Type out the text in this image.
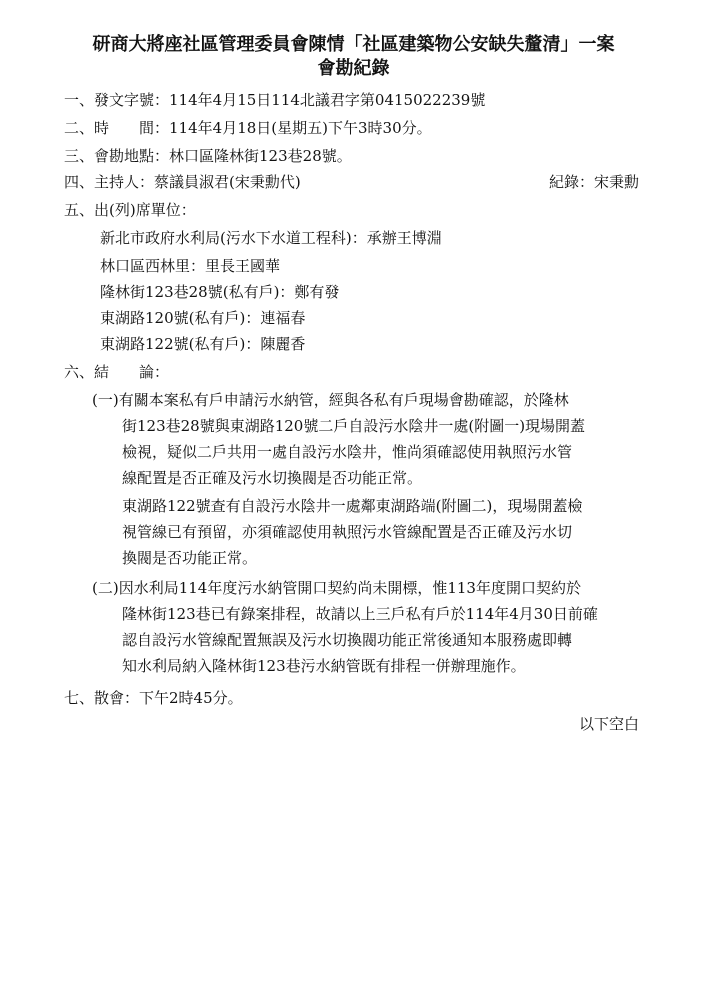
研商大將座社區管理委員會陳情「社區建築物公安缺失釐清」一案
會勘紀錄
一、發文字號：114年4月15日114北議君字第0415022239號
二、時　　間：114年4月18日(星期五)下午3時30分。
三、會勘地點：林口區隆林街123巷28號。
四、主持人：蔡議員淑君(宋秉勳代)	紀錄：宋秉勳
五、出(列)席單位：
新北市政府水利局(污水下水道工程科)：承辦王博淵
林口區西林里：里長王國華
隆林街123巷28號(私有戶)：鄭有發
東湖路120號(私有戶)：連福春
東湖路122號(私有戶)：陳麗香
六、結　　論：
(一)有關本案私有戶申請污水納管，經與各私有戶現場會勘確認，於隆林
街123巷28號與東湖路120號二戶自設污水陰井一處(附圖一)現場開蓋
檢視，疑似二戶共用一處自設污水陰井，惟尚須確認使用執照污水管
線配置是否正確及污水切換閥是否功能正常。
東湖路122號查有自設污水陰井一處鄰東湖路端(附圖二)，現場開蓋檢
視管線已有預留，亦須確認使用執照污水管線配置是否正確及污水切
換閥是否功能正常。
(二)因水利局114年度污水納管開口契約尚未開標，惟113年度開口契約於
隆林街123巷已有錄案排程，故請以上三戶私有戶於114年4月30日前確
認自設污水管線配置無誤及污水切換閥功能正常後通知本服務處即轉
知水利局納入隆林街123巷污水納管既有排程一併辦理施作。
七、散會：下午2時45分。
以下空白
